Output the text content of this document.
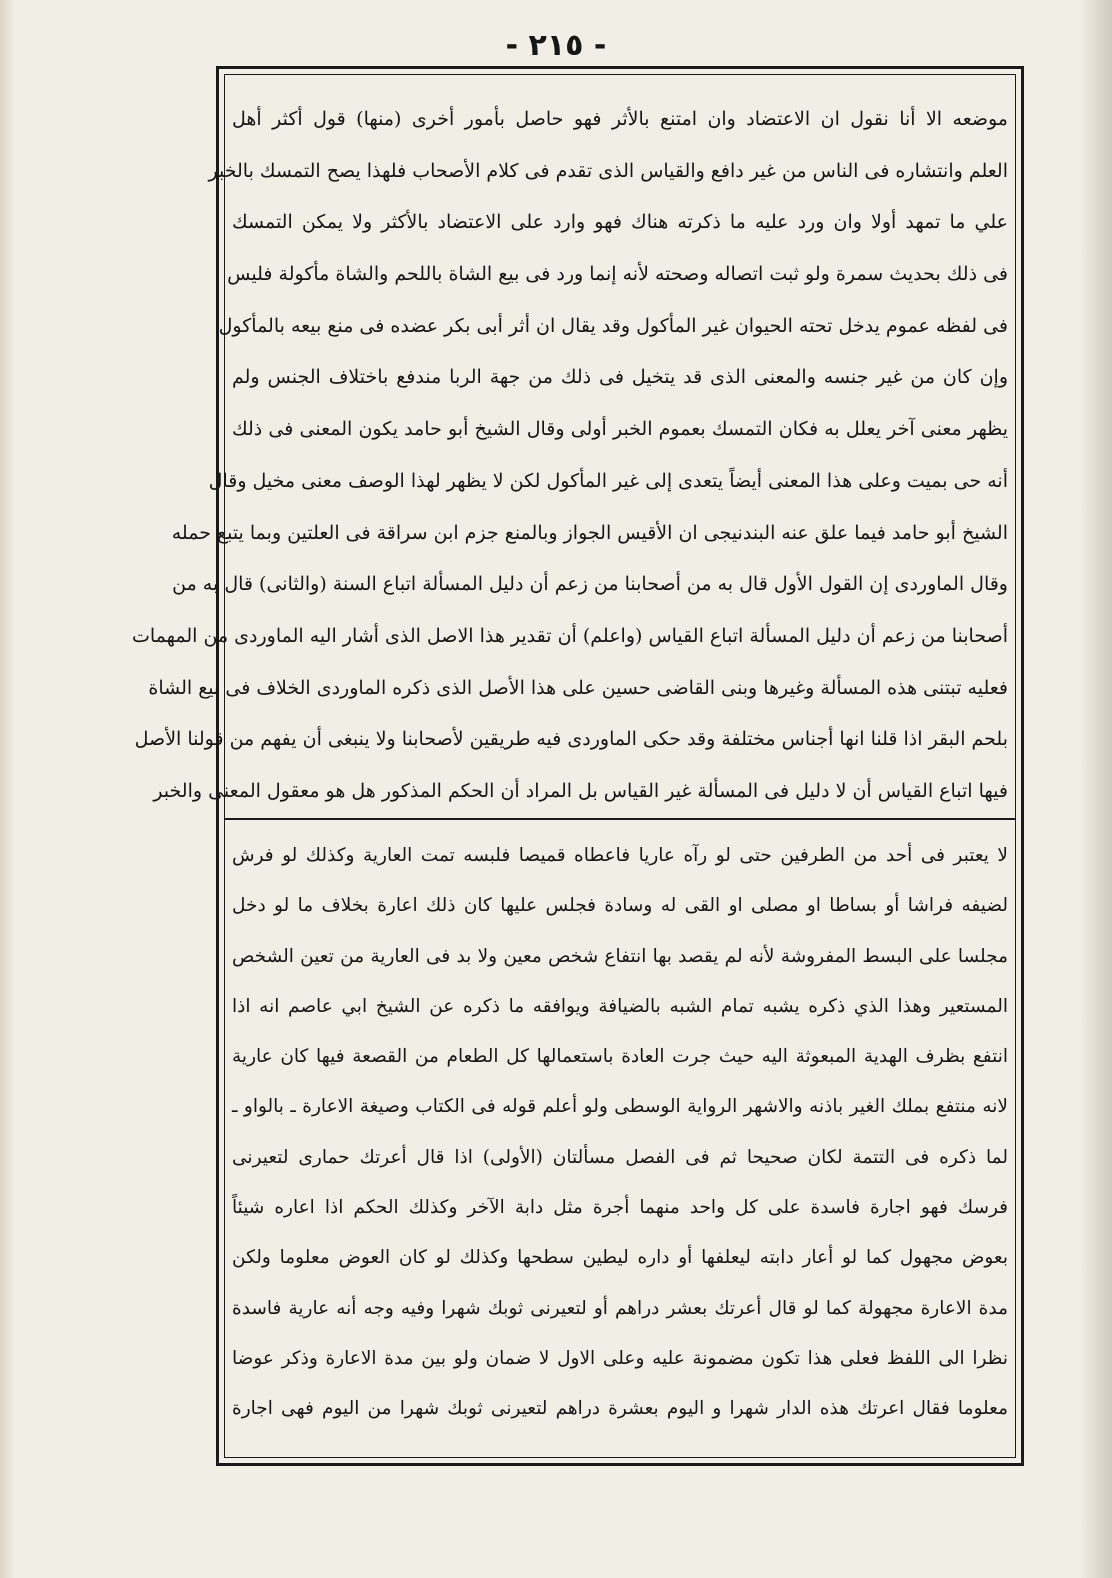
- ٢١٥ -
موضعه الا أنا نقول ان الاعتضاد وان امتنع بالأثر فهو حاصل بأمور أخرى (منها) قول أكثر أهل
العلم وانتشاره فى الناس من غير دافع والقياس الذى تقدم فى كلام الأصحاب فلهذا يصح التمسك بالخبر
علي ما تمهد أولا وان ورد عليه ما ذكرته هناك فهو وارد على الاعتضاد بالأكثر ولا يمكن التمسك
فى ذلك بحديث سمرة ولو ثبت اتصاله وصحته لأنه إنما ورد فى بيع الشاة باللحم والشاة مأكولة فليس
فى لفظه عموم يدخل تحته الحيوان غير المأكول وقد يقال ان أثر أبى بكر عضده فى منع بيعه بالمأكول
وإن كان من غير جنسه والمعنى الذى قد يتخيل فى ذلك من جهة الربا مندفع باختلاف الجنس ولم
يظهر معنى آخر يعلل به فكان التمسك بعموم الخبر أولى وقال الشيخ أبو حامد يكون المعنى فى ذلك
أنه حى بميت وعلى هذا المعنى أيضاً يتعدى إلى غير المأكول لكن لا يظهر لهذا الوصف معنى مخيل وقال
الشيخ أبو حامد فيما علق عنه البندنيجى ان الأقيس الجواز وبالمنع جزم ابن سراقة فى العلتين وبما يتبع حمله
وقال الماوردى إن القول الأول قال به من أصحابنا من زعم أن دليل المسألة اتباع السنة (والثانى) قال به من
أصحابنا من زعم أن دليل المسألة اتباع القياس (واعلم) أن تقدير هذا الاصل الذى أشار اليه الماوردى من المهمات
فعليه تبتنى هذه المسألة وغيرها وبنى القاضى حسين على هذا الأصل الذى ذكره الماوردى الخلاف فى بيع الشاة
بلحم البقر اذا قلنا انها أجناس مختلفة وقد حكى الماوردى فيه طريقين لأصحابنا ولا ينبغى أن يفهم من قولنا الأصل
فيها اتباع القياس أن لا دليل فى المسألة غير القياس بل المراد أن الحكم المذكور هل هو معقول المعنى والخبر
لا يعتبر فى أحد من الطرفين حتى لو رآه عاريا فاعطاه قميصا فلبسه تمت العارية وكذلك لو فرش
لضيفه فراشا أو بساطا او مصلى او القى له وسادة فجلس عليها كان ذلك اعارة بخلاف ما لو دخل
مجلسا على البسط المفروشة لأنه لم يقصد بها انتفاع شخص معين ولا بد فى العارية من تعين الشخص
المستعير وهذا الذي ذكره يشبه تمام الشبه بالضيافة ويوافقه ما ذكره عن الشيخ ابي عاصم انه اذا
انتفع بظرف الهدية المبعوثة اليه حيث جرت العادة باستعمالها كل الطعام من القصعة فيها كان عارية
لانه منتفع بملك الغير باذنه والاشهر الرواية الوسطى ولو أعلم قوله فى الكتاب وصيغة الاعارة ـ بالواو ـ
لما ذكره فى التتمة لكان صحيحا ثم فى الفصل مسألتان (الأولى) اذا قال أعرتك حمارى لتعيرنى
فرسك فهو اجارة فاسدة على كل واحد منهما أجرة مثل دابة الآخر وكذلك الحكم اذا اعاره شيئاً
بعوض مجهول كما لو أعار دابته ليعلفها أو داره ليطين سطحها وكذلك لو كان العوض معلوما ولكن
مدة الاعارة مجهولة كما لو قال أعرتك بعشر دراهم أو لتعيرنى ثوبك شهرا وفيه وجه أنه عارية فاسدة
نظرا الى اللفظ فعلى هذا تكون مضمونة عليه وعلى الاول لا ضمان ولو بين مدة الاعارة وذكر عوضا
معلوما فقال اعرتك هذه الدار شهرا و اليوم بعشرة دراهم لتعيرنى ثوبك شهرا من اليوم فهى اجارة
